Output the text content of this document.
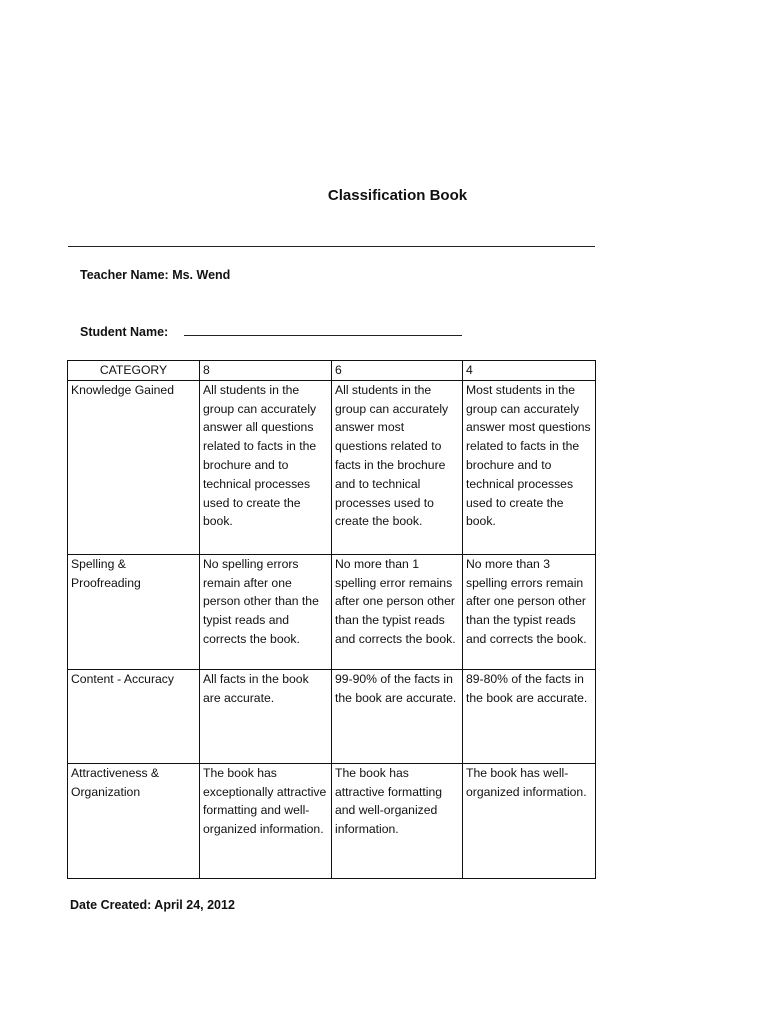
Classification Book
Teacher Name: Ms. Wend
Student Name:
CATEGORY	8	6	4
Knowledge Gained	All students in the group can accurately answer all questions related to facts in the brochure and to technical processes used to create the book.	All students in the group can accurately answer most questions related to facts in the brochure and to technical processes used to create the book.	Most students in the group can accurately answer most questions related to facts in the brochure and to technical processes used to create the book.
Spelling & Proofreading	No spelling errors remain after one person other than the typist reads and corrects the book.	No more than 1 spelling error remains after one person other than the typist reads and corrects the book.	No more than 3 spelling errors remain after one person other than the typist reads and corrects the book.
Content - Accuracy	All facts in the book are accurate.	99-90% of the facts in the book are accurate.	89-80% of the facts in the book are accurate.
Attractiveness & Organization	The book has exceptionally attractive formatting and well-organized information.	The book has attractive formatting and well-organized information.	The book has well-organized information.
Date Created: April 24, 2012
